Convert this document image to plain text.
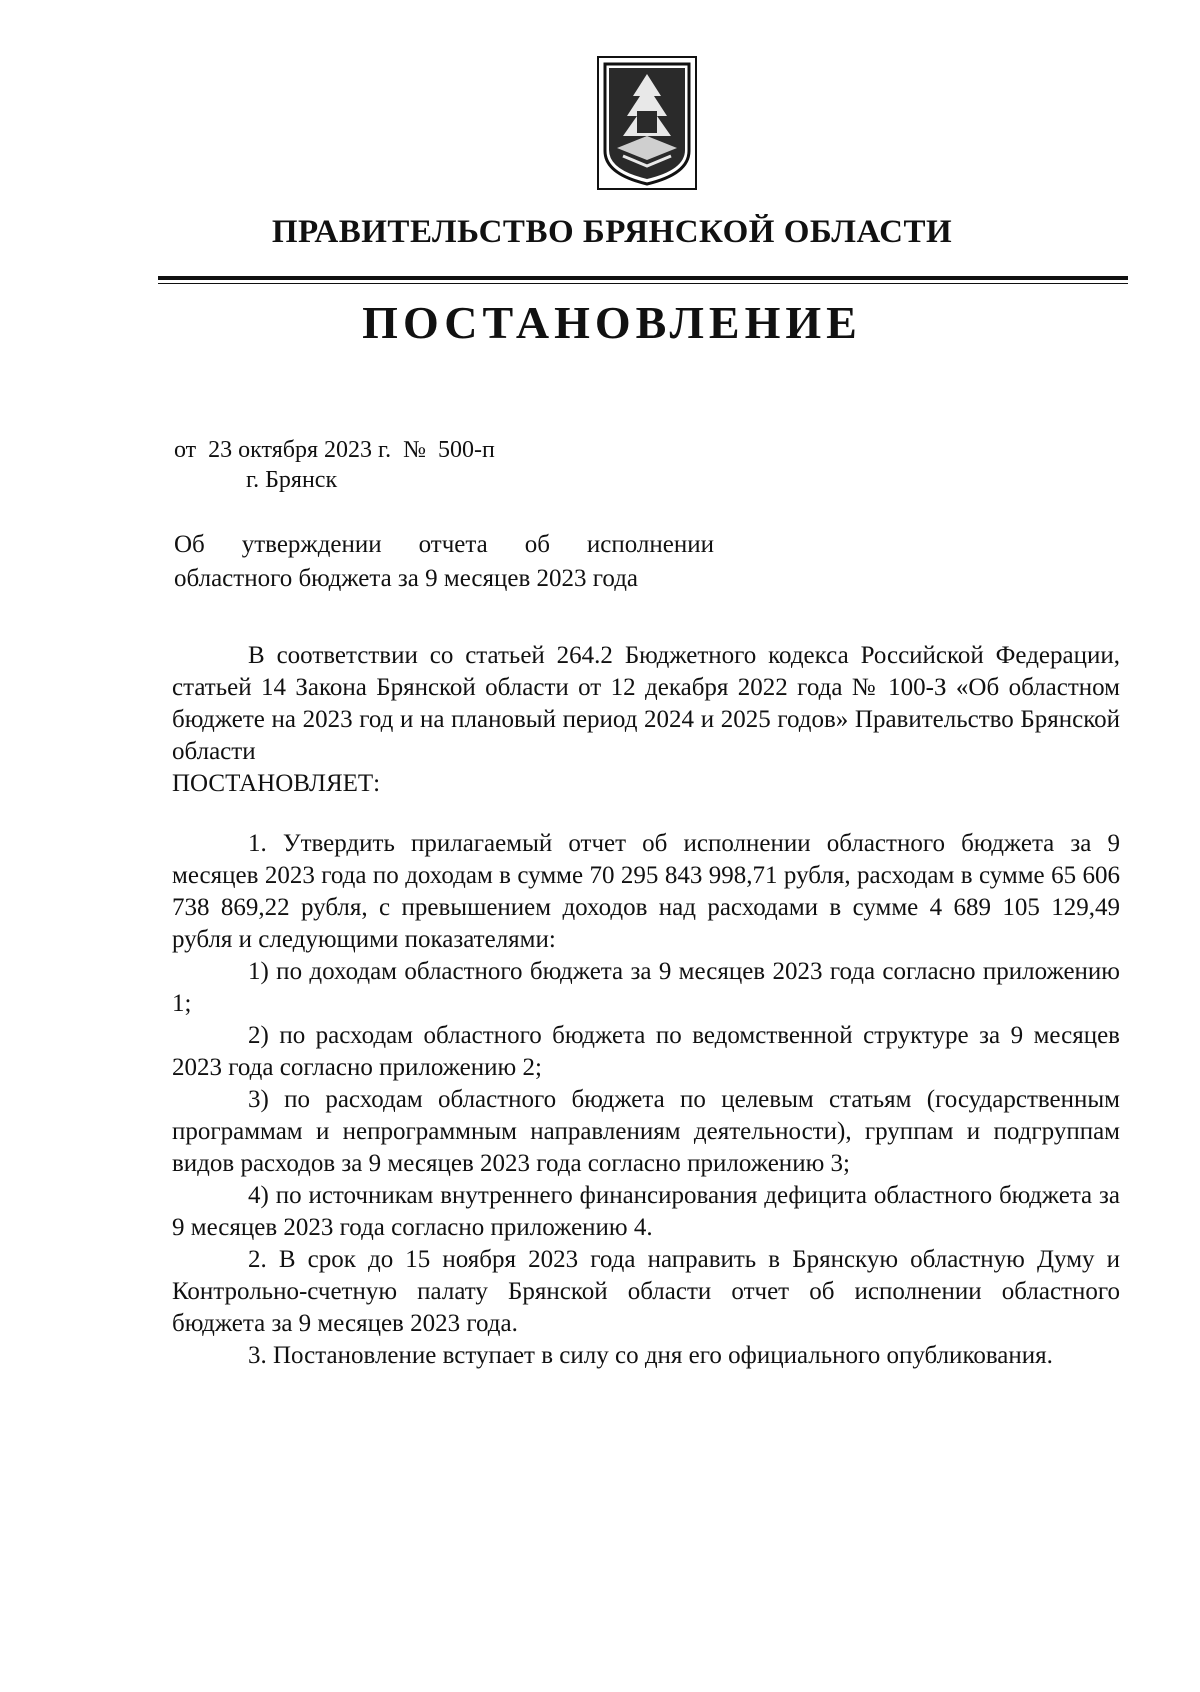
ПРАВИТЕЛЬСТВО БРЯНСКОЙ ОБЛАСТИ
ПОСТАНОВЛЕНИЕ
от  23 октября 2023 г.  №  500-п
г. Брянск
Об утверждении отчета об исполнении
областного бюджета за 9 месяцев 2023 года

В соответствии со статьей 264.2 Бюджетного кодекса Российской Федерации, статьей 14 Закона Брянской области от 12 декабря 2022 года № 100-З «Об областном бюджете на 2023 год и на плановый период 2024 и 2025 годов» Правительство Брянской области

ПОСТАНОВЛЯЕТ:

1. Утвердить прилагаемый отчет об исполнении областного бюджета за 9 месяцев 2023 года по доходам в сумме 70 295 843 998,71 рубля, расходам в сумме 65 606 738 869,22 рубля, с превышением доходов над расходами в сумме 4 689 105 129,49 рубля и следующими показателями:

1) по доходам областного бюджета за 9 месяцев 2023 года согласно приложению 1;

2) по расходам областного бюджета по ведомственной структуре за 9 месяцев 2023 года согласно приложению 2;

3) по расходам областного бюджета по целевым статьям (государственным программам и непрограммным направлениям деятельности), группам и подгруппам видов расходов за 9 месяцев 2023 года согласно приложению 3;

4) по источникам внутреннего финансирования дефицита областного бюджета за 9 месяцев 2023 года согласно приложению 4.

2. В срок до 15 ноября 2023 года направить в Брянскую областную Думу и Контрольно-счетную палату Брянской области отчет об исполнении областного бюджета за 9 месяцев 2023 года.

3. Постановление вступает в силу со дня его официального опубликования.
